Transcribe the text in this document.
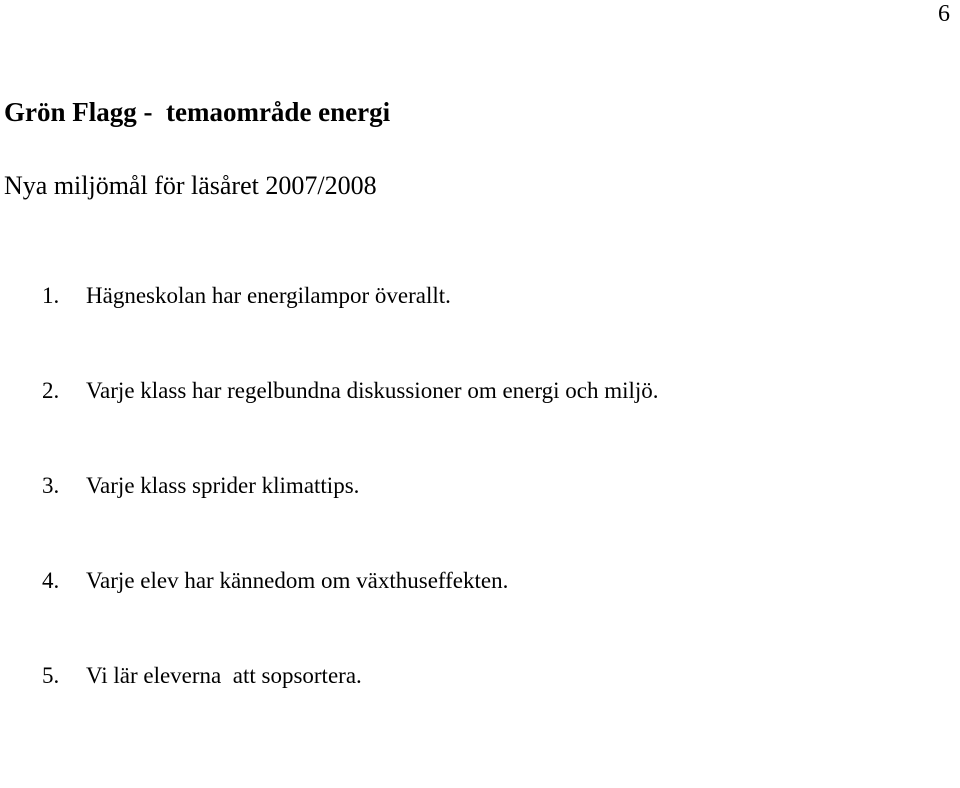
6
Grön Flagg -  temaområde energi
Nya miljömål för läsåret 2007/2008

1.

Hägneskolan har energilampor överallt.

2.

Varje klass har regelbundna diskussioner om energi och miljö.

3.

Varje klass sprider klimattips.

4.

Varje elev har kännedom om växthuseffekten.

5.

Vi lär eleverna  att sopsortera.
